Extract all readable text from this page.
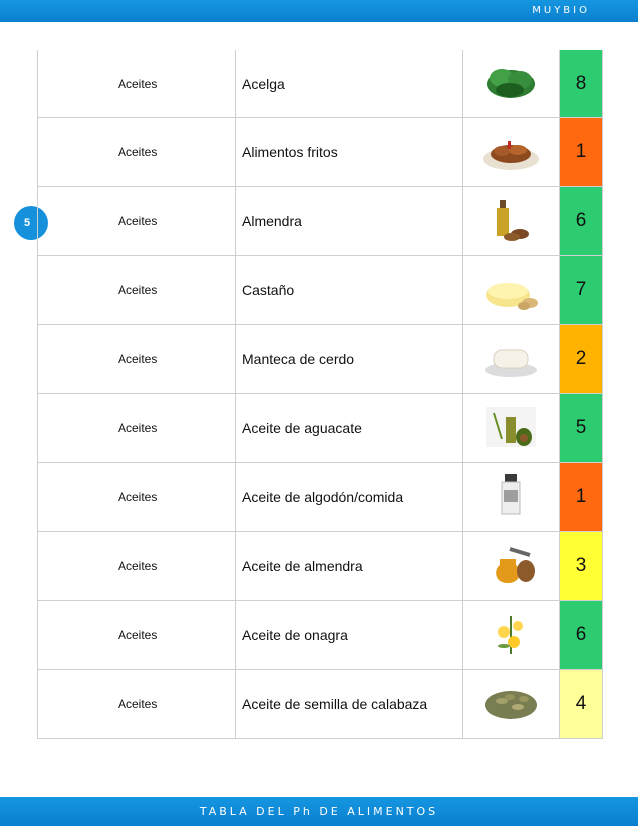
MUYBIO
5
Aceites	Acelga		8
Aceites	Alimentos fritos		1
Aceites	Almendra		6
Aceites	Castaño		7
Aceites	Manteca de cerdo		2
Aceites	Aceite de aguacate		5
Aceites	Aceite de algodón/comida		1
Aceites	Aceite de almendra		3
Aceites	Aceite de onagra		6
Aceites	Aceite de semilla de calabaza		4
TABLA DEL Ph DE ALIMENTOS
